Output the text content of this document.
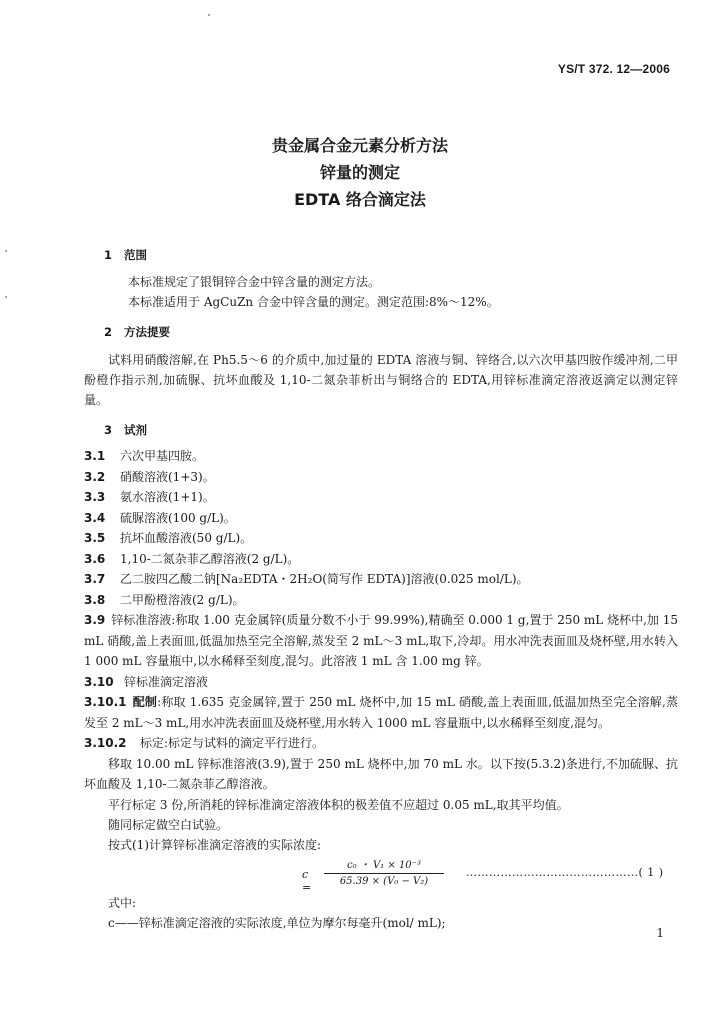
YS/T 372. 12—2006
贵金属合金元素分析方法
锌量的测定
EDTA 络合滴定法

1 范围

本标准规定了银铜锌合金中锌含量的测定方法。

本标准适用于 AgCuZn 合金中锌含量的测定。测定范围:8%～12%。

2 方法提要

试料用硝酸溶解,在 Ph5.5～6 的介质中,加过量的 EDTA 溶液与铜、锌络合,以六次甲基四胺作缓冲剂,二甲酚橙作指示剂,加硫脲、抗坏血酸及 1,10-二氮杂菲析出与铜络合的 EDTA,用锌标准滴定溶液返滴定以测定锌量。

3 试剂

3.1 六次甲基四胺。

3.2 硝酸溶液(1+3)。

3.3 氨水溶液(1+1)。

3.4 硫脲溶液(100 g/L)。

3.5 抗坏血酸溶液(50 g/L)。

3.6 1,10-二氮杂菲乙醇溶液(2 g/L)。

3.7 乙二胺四乙酸二钠[Na₂EDTA・2H₂O(简写作 EDTA)]溶液(0.025 mol/L)。

3.8 二甲酚橙溶液(2 g/L)。

3.9 锌标准溶液:称取 1.00 克金属锌(质量分数不小于 99.99%),精确至 0.000 1 g,置于 250 mL 烧杯中,加 15 mL 硝酸,盖上表面皿,低温加热至完全溶解,蒸发至 2 mL～3 mL,取下,冷却。用水冲洗表面皿及烧杯壁,用水转入 1 000 mL 容量瓶中,以水稀释至刻度,混匀。此溶液 1 mL 含 1.00 mg 锌。

3.10 锌标准滴定溶液

3.10.1 配制:称取 1.635 克金属锌,置于 250 mL 烧杯中,加 15 mL 硝酸,盖上表面皿,低温加热至完全溶解,蒸发至 2 mL～3 mL,用水冲洗表面皿及烧杯壁,用水转入 1000 mL 容量瓶中,以水稀释至刻度,混匀。

3.10.2 标定:标定与试料的滴定平行进行。

移取 10.00 mL 锌标准溶液(3.9),置于 250 mL 烧杯中,加 70 mL 水。以下按(5.3.2)条进行,不加硫脲、抗坏血酸及 1,10-二氮杂菲乙醇溶液。

平行标定 3 份,所消耗的锌标准滴定溶液体积的极差值不应超过 0.05 mL,取其平均值。

随同标定做空白试验。

按式(1)计算锌标准滴定溶液的实际浓度:

c =
c₀ ・ V₁ × 10⁻³
65.39 × (V₀ − V₂)
………………………………………( 1 )

式中:

c——锌标准滴定溶液的实际浓度,单位为摩尔每毫升(mol/ mL);

1
